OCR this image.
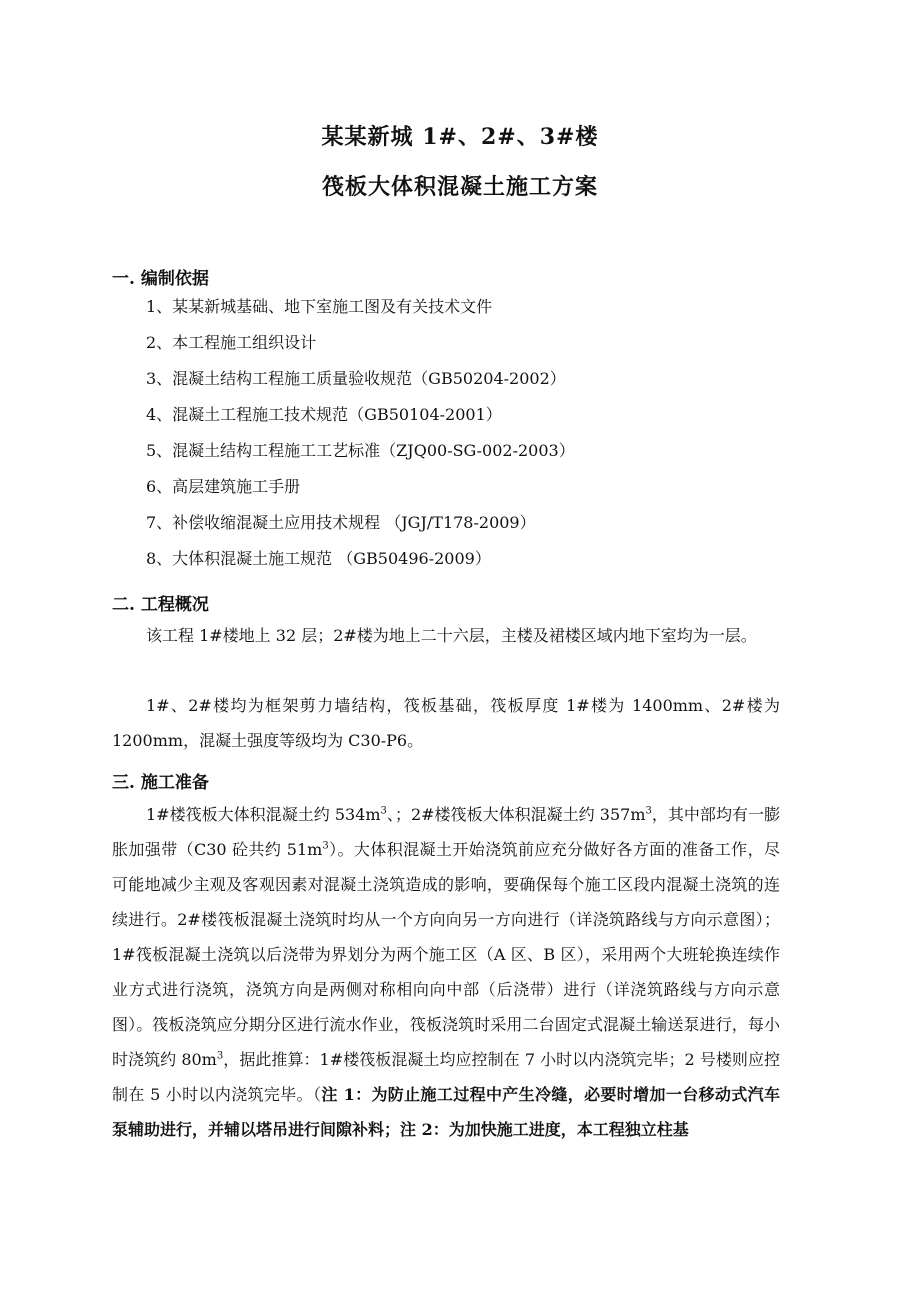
某某新城 1#、2#、3#楼
筏板大体积混凝土施工方案
一. 编制依据
1、某某新城基础、地下室施工图及有关技术文件
2、本工程施工组织设计
3、混凝土结构工程施工质量验收规范（GB50204-2002）
4、混凝土工程施工技术规范（GB50104-2001）
5、混凝土结构工程施工工艺标准（ZJQ00-SG-002-2003）
6、高层建筑施工手册
7、补偿收缩混凝土应用技术规程 （JGJ/T178-2009）
8、大体积混凝土施工规范 （GB50496-2009）
二. 工程概况
该工程 1#楼地上 32 层；2#楼为地上二十六层，主楼及裙楼区域内地下室均为一层。
1#、2#楼均为框架剪力墙结构，筏板基础，筏板厚度 1#楼为 1400mm、2#楼为 1200mm，混凝土强度等级均为 C30-P6。
三. 施工准备
1#楼筏板大体积混凝土约 $534m^3$、；2#楼筏板大体积混凝土约 $357m^3$，其中部均有一膨胀加强带（C30 砼共约 $51m^3$）。大体积混凝土开始浇筑前应充分做好各方面的准备工作，尽可能地减少主观及客观因素对混凝土浇筑造成的影响，要确保每个施工区段内混凝土浇筑的连续进行。2#楼筏板混凝土浇筑时均从一个方向向另一方向进行（详浇筑路线与方向示意图）；1#筏板混凝土浇筑以后浇带为界划分为两个施工区（A 区、B 区），采用两个大班轮换连续作业方式进行浇筑，浇筑方向是两侧对称相向向中部（后浇带）进行（详浇筑路线与方向示意图）。筏板浇筑应分期分区进行流水作业，筏板浇筑时采用二台固定式混凝土输送泵进行，每小时浇筑约 $80m^3$，据此推算：1#楼筏板混凝土均应控制在 7 小时以内浇筑完毕；2 号楼则应控制在 5 小时以内浇筑完毕。（注 1：为防止施工过程中产生冷缝，必要时增加一台移动式汽车泵辅助进行，并辅以塔吊进行间隙补料；注 2：为加快施工进度，本工程独立柱基
